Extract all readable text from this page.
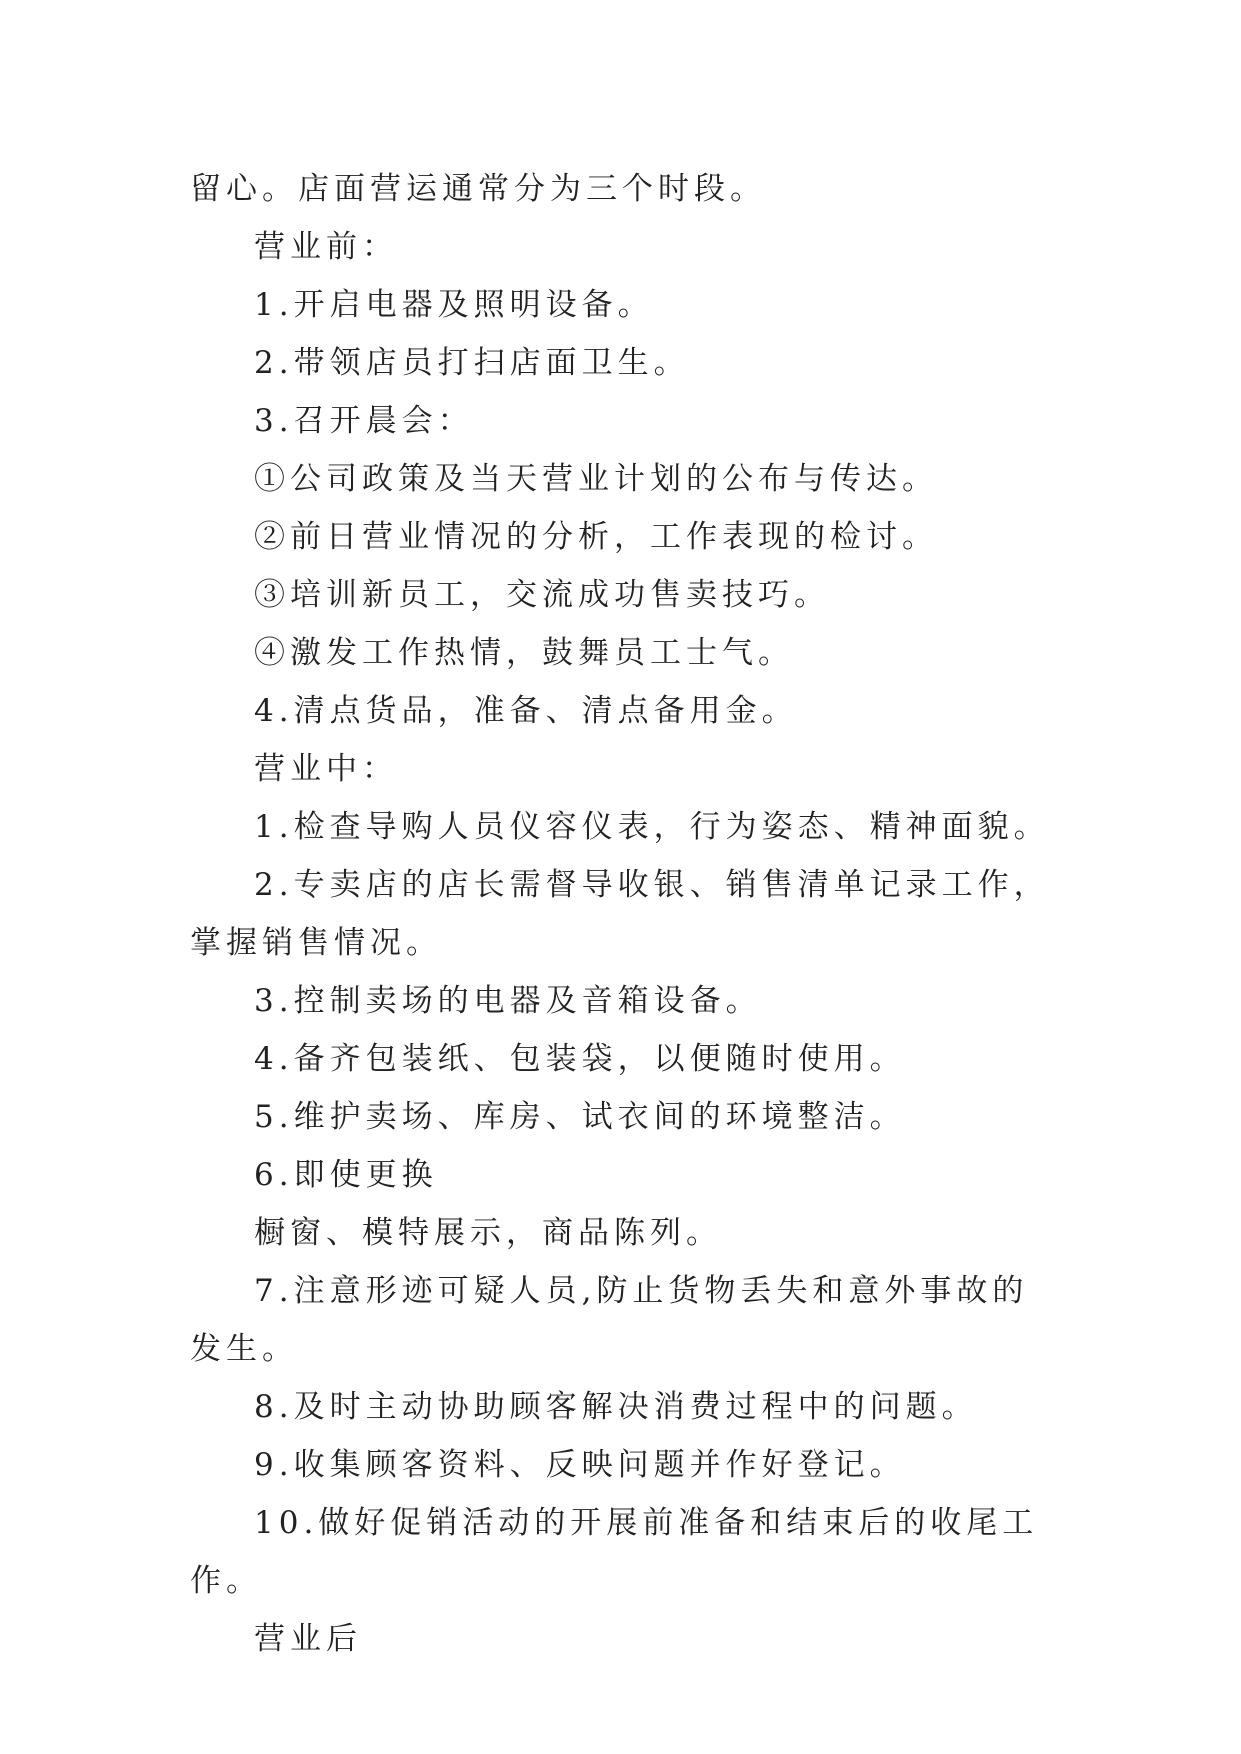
留心。店面营运通常分为三个时段。

营业前：

1.开启电器及照明设备。

2.带领店员打扫店面卫生。

3.召开晨会：

①公司政策及当天营业计划的公布与传达。

②前日营业情况的分析，工作表现的检讨。

③培训新员工，交流成功售卖技巧。

④激发工作热情，鼓舞员工士气。

4.清点货品，准备、清点备用金。

营业中：

1.检查导购人员仪容仪表，行为姿态、精神面貌。

2.专卖店的店长需督导收银、销售清单记录工作，掌握销售情况。

3.控制卖场的电器及音箱设备。

4.备齐包装纸、包装袋，以便随时使用。

5.维护卖场、库房、试衣间的环境整洁。

6.即使更换

橱窗、模特展示，商品陈列。

7.注意形迹可疑人员,防止货物丢失和意外事故的发生。

8.及时主动协助顾客解决消费过程中的问题。

9.收集顾客资料、反映问题并作好登记。

10.做好促销活动的开展前准备和结束后的收尾工作。

营业后
